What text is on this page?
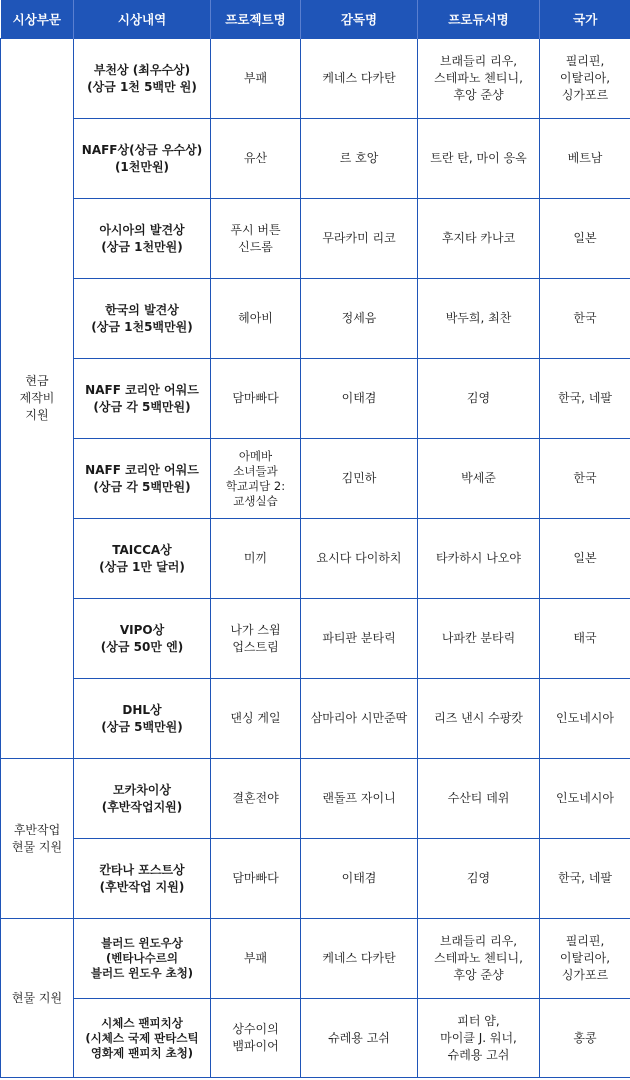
시상부문	시상내역	프로젝트명	감독명	프로듀서명	국가
현금
제작비
지원	부천상 (최우수상)
(상금 1천 5백만 원)	부패	케네스 다카탄	브래들리 리우,
스테파노 첸티니,
후앙 준샹	필리핀,
이탈리아,
싱가포르
	NAFF상(상금 우수상)
(1천만원)	유산	르 호앙	트란 탄, 마이 응옥	베트남
	아시아의 발견상
(상금 1천만원)	푸시 버튼
신드롬	무라카미 리코	후지타 카나코	일본
	한국의 발견상
(상금 1천5백만원)	헤아비	정세음	박두희, 최찬	한국
	NAFF 코리안 어워드
(상금 각 5백만원)	담마빠다	이태겸	김영	한국, 네팔
	NAFF 코리안 어워드
(상금 각 5백만원)	아메바 소녀들과
학교괴담 2:
교생실습	김민하	박세준	한국
	TAICCA상
(상금 1만 달러)	미끼	요시다 다이하치	타카하시 나오야	일본
	VIPO상
(상금 50만 엔)	나가 스윔
업스트림	파티판 분타릭	나파칸 분타릭	태국
	DHL상
(상금 5백만원)	댄싱 게일	삼마리아 시만준딱	리즈 낸시 수팡캇	인도네시아
후반작업
현물 지원	모카차이상
(후반작업지원)	결혼전야	랜돌프 자이니	수산티 데위	인도네시아
	칸타나 포스트상
(후반작업 지원)	담마빠다	이태겸	김영	한국, 네팔
현물 지원	블러드 윈도우상
(벤타나수르의
블러드 윈도우 초청)	부패	케네스 다카탄	브래들리 리우,
스테파노 첸티니,
후앙 준샹	필리핀,
이탈리아,
싱가포르
	시체스 팬피치상
(시체스 국제 판타스틱
영화제 팬피치 초청)	상수이의
뱀파이어	슈레용 고쉬	피터 얌,
마이클 J. 워너,
슈레용 고쉬	홍콩
